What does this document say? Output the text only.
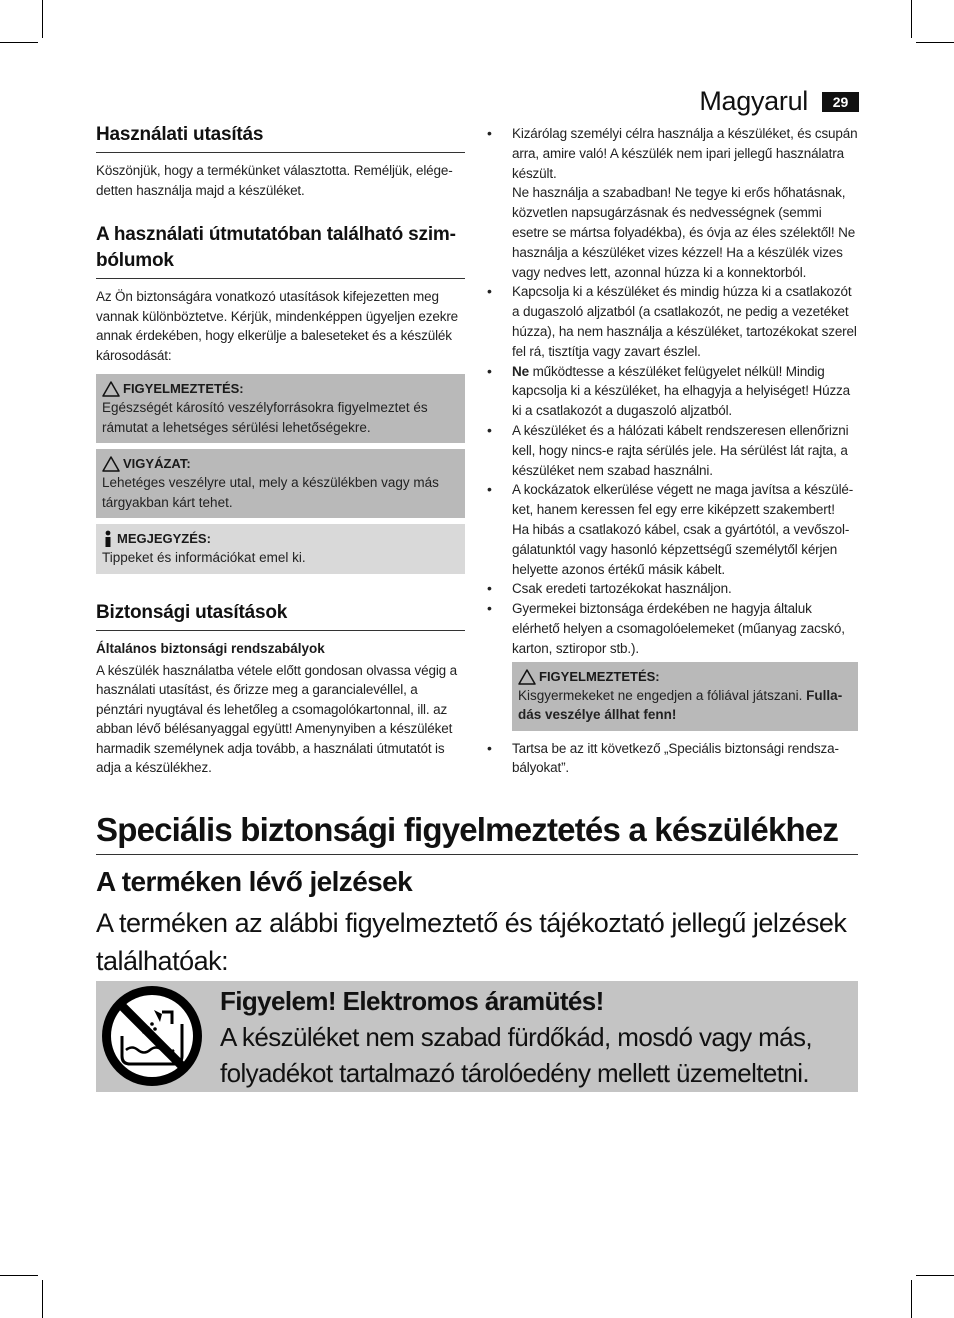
Magyarul	29
Használati utasítás

Köszönjük, hogy a termékünket választotta. Reméljük, elégedetten használja majd a készüléket.

A használati útmutatóban található szimbólumok

Az Ön biztonságára vonatkozó utasítások kifejezetten meg vannak különböztetve. Kérjük, mindenképpen ügyeljen ezekre annak érdekében, hogy elkerülje a baleseteket és a készülék károsodását:

FIGYELMEZTETÉS:
Egészségét károsító veszélyforrásokra figyelmeztet és rámutat a lehetséges sérülési lehetőségekre.
VIGYÁZAT:
Lehetéges veszélyre utal, mely a készülékben vagy más tárgyakban kárt tehet.
MEGJEGYZÉS:
Tippeket és információkat emel ki.
Biztonsági utasítások
Általános biztonsági rendszabályok

A készülék használatba vétele előtt gondosan olvassa végig a használati utasítást, és őrizze meg a garancialevéllel, a pénztári nyugtával és lehetőleg a csomagolókartonnal, ill. az abban lévő bélésanyaggal együtt! Amenynyiben a készüléket harmadik személynek adja tovább, a használati útmutatót is adja a készülékhez.

• Kizárólag személyi célra használja a készüléket, és csupán arra, amire való! A készülék nem ipari jellegű használatra készült.
Ne használja a szabadban! Ne tegye ki erős hőhatásnak, közvetlen napsugárzásnak és nedvességnek (semmi esetre se mártsa folyadékba), és óvja az éles szélektől! Ne használja a készüléket vizes kézzel! Ha a készülék vizes vagy nedves lett, azonnal húzza ki a konnektorból.
• Kapcsolja ki a készüléket és mindig húzza ki a csatlakozót a dugaszoló aljzatból (a csatlakozót, ne pedig a vezetéket húzza), ha nem használja a készüléket, tartozékokat szerel fel rá, tisztítja vagy zavart észlel.
• Ne működtesse a készüléket felügyelet nélkül! Mindig kapcsolja ki a készüléket, ha elhagyja a helyiséget! Húzza ki a csatlakozót a dugaszoló aljzatból.
• A készüléket és a hálózati kábelt rendszeresen ellenőrizni kell, hogy nincs-e rajta sérülés jele. Ha sérülést lát rajta, a készüléket nem szabad használni.
• A kockázatok elkerülése végett ne maga javítsa a készüléket, hanem keressen fel egy erre kiképzett szakembert!
Ha hibás a csatlakozó kábel, csak a gyártótól, a vevőszolgálatunktól vagy hasonló képzettségű személytől kérjen helyette azonos értékű másik kábelt.
• Csak eredeti tartozékokat használjon.
• Gyermekei biztonsága érdekében ne hagyja általuk elérhető helyen a csomagolóelemeket (műanyag zacskó, karton, sztiropor stb.).
FIGYELMEZTETÉS:
Kisgyermekeket ne engedjen a fóliával játszani. Fulladás veszélye állhat fenn!
• Tartsa be az itt következő „Speciális biztonsági rendszabályokat”.
Speciális biztonsági figyelmeztetés a készülékhez
A terméken lévő jelzések

A terméken az alábbi figyelmeztető és tájékoztató jellegű jelzések találhatóak:

Figyelem! Elektromos áramütés!
A készüléket nem szabad fürdőkád, mosdó vagy más, folyadékot tartalmazó tárolóedény mellett üzemeltetni.
